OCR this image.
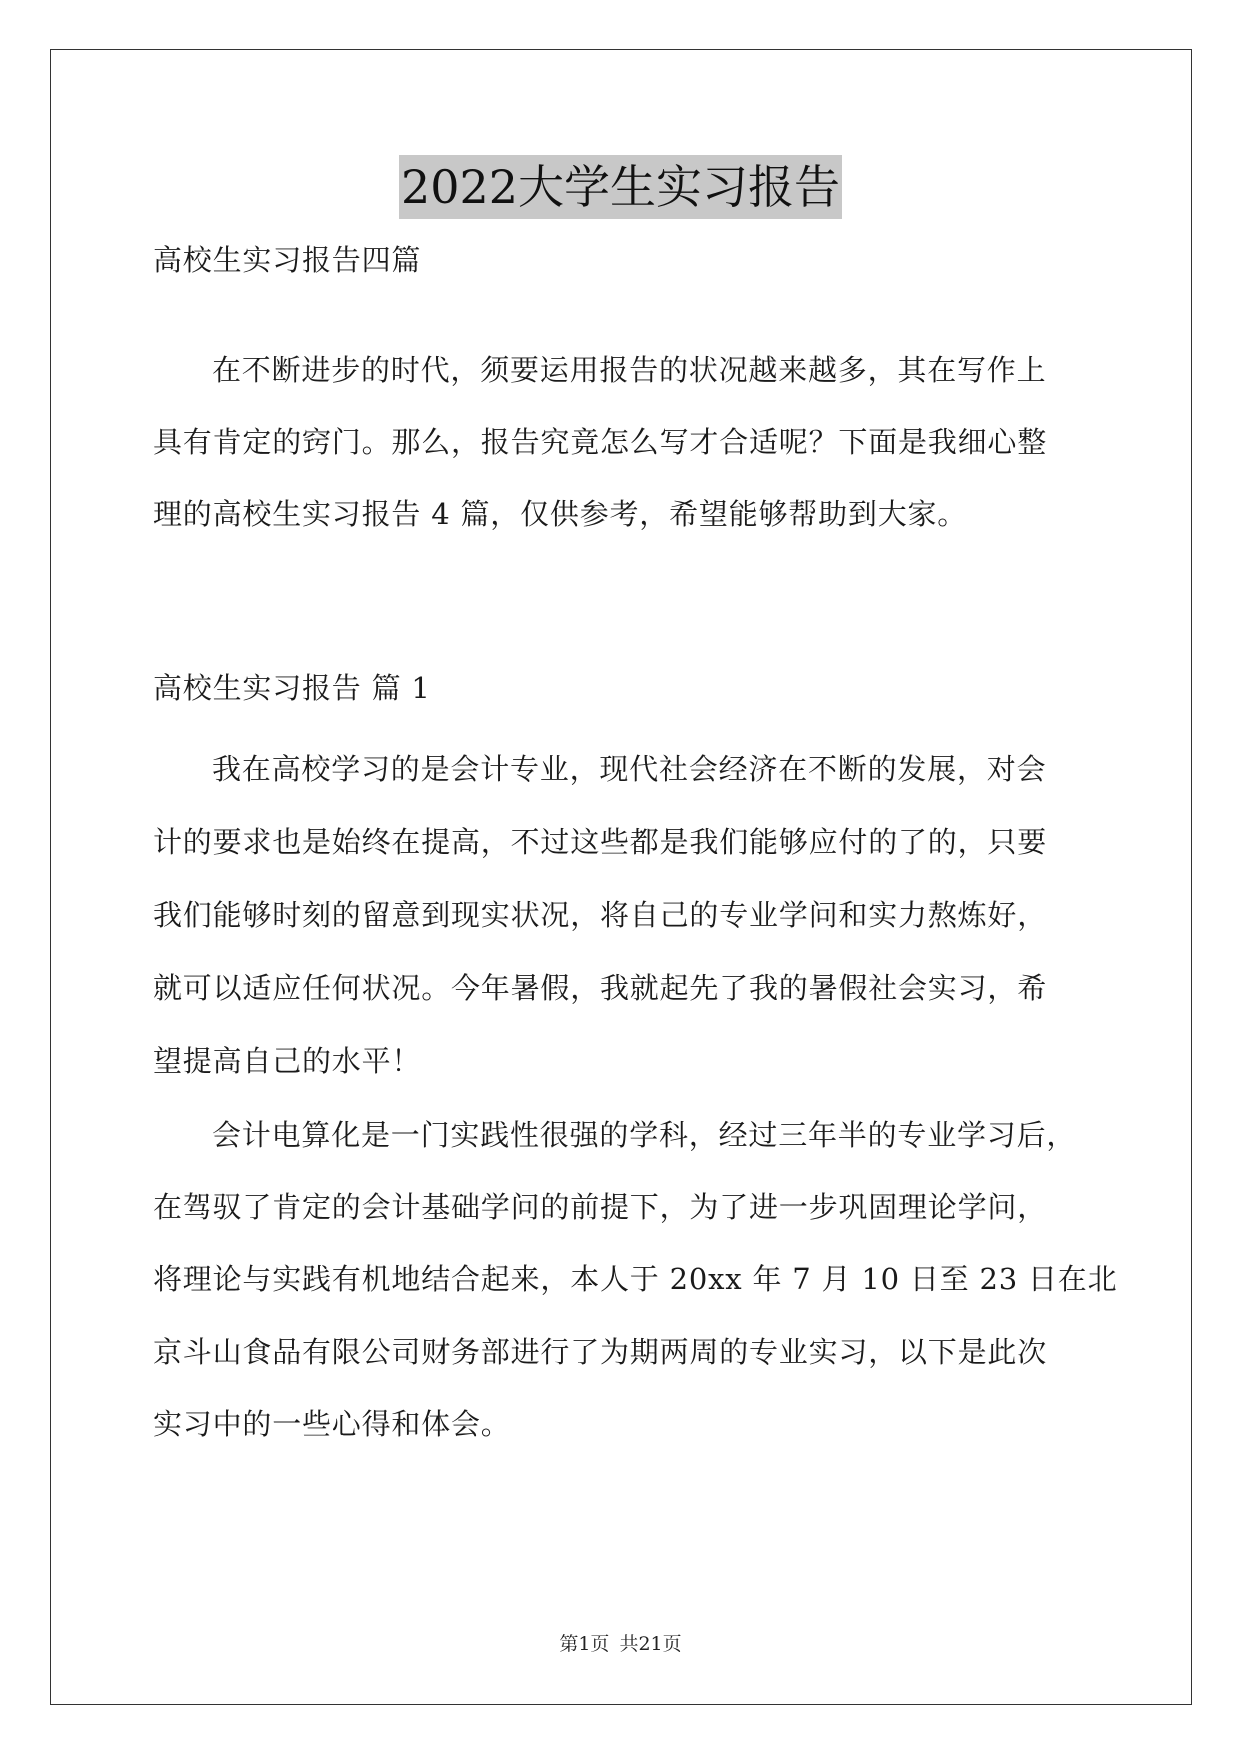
2022大学生实习报告

高校生实习报告四篇

在不断进步的时代，须要运用报告的状况越来越多，其在写作上

具有肯定的窍门。那么，报告究竟怎么写才合适呢？下面是我细心整

理的高校生实习报告 4 篇，仅供参考，希望能够帮助到大家。

高校生实习报告 篇 1

我在高校学习的是会计专业，现代社会经济在不断的发展，对会

计的要求也是始终在提高，不过这些都是我们能够应付的了的，只要

我们能够时刻的留意到现实状况，将自己的专业学问和实力熬炼好，

就可以适应任何状况。今年暑假，我就起先了我的暑假社会实习，希

望提高自己的水平！

会计电算化是一门实践性很强的学科，经过三年半的专业学习后，

在驾驭了肯定的会计基础学问的前提下，为了进一步巩固理论学问，

将理论与实践有机地结合起来，本人于 20xx 年 7 月 10 日至 23 日在北

京斗山食品有限公司财务部进行了为期两周的专业实习，以下是此次

实习中的一些心得和体会。

第1页 共21页
